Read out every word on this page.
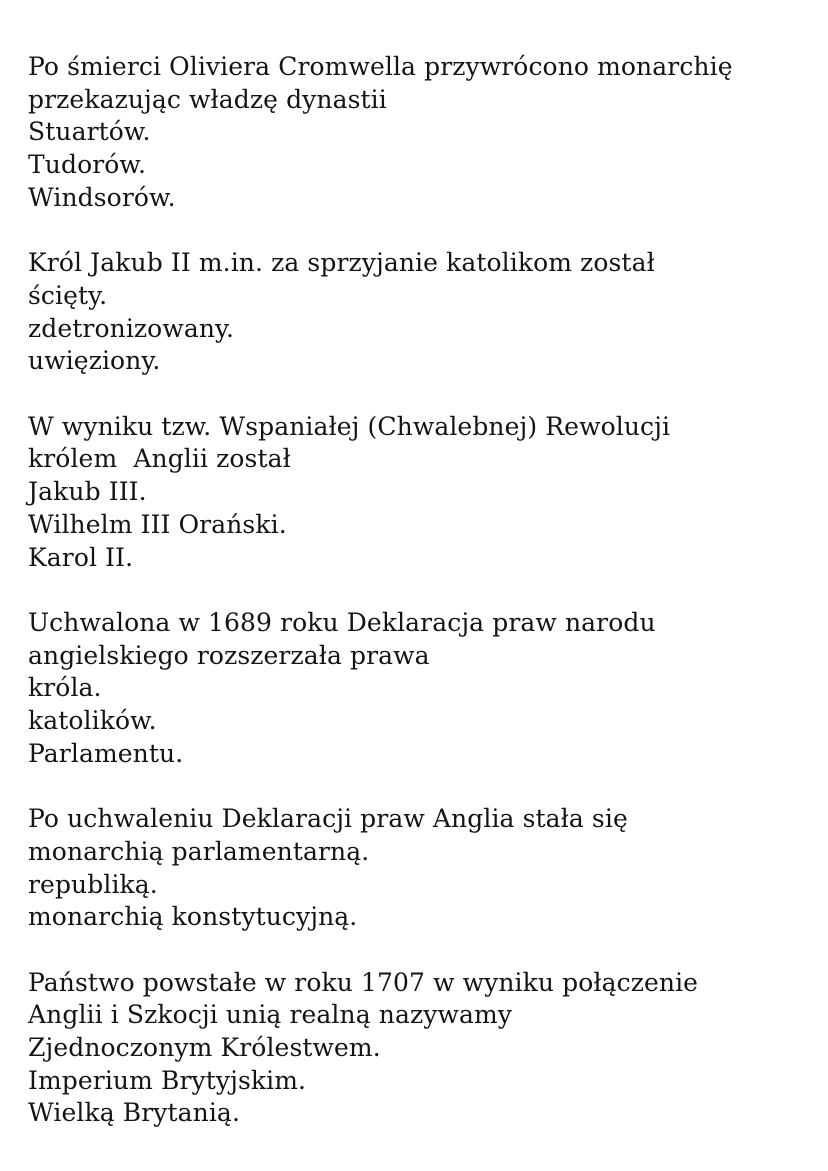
Po śmierci Oliviera Cromwella przywrócono monarchię
przekazując władzę dynastii
Stuartów.
Tudorów.
Windsorów.
Król Jakub II m.in. za sprzyjanie katolikom został
ścięty.
zdetronizowany.
uwięziony.
W wyniku tzw. Wspaniałej (Chwalebnej) Rewolucji
królem  Anglii został
Jakub III.
Wilhelm III Orański.
Karol II.
Uchwalona w 1689 roku Deklaracja praw narodu
angielskiego rozszerzała prawa
króla.
katolików.
Parlamentu.
Po uchwaleniu Deklaracji praw Anglia stała się
monarchią parlamentarną.
republiką.
monarchią konstytucyjną.
Państwo powstałe w roku 1707 w wyniku połączenie
Anglii i Szkocji unią realną nazywamy
Zjednoczonym Królestwem.
Imperium Brytyjskim.
Wielką Brytanią.
